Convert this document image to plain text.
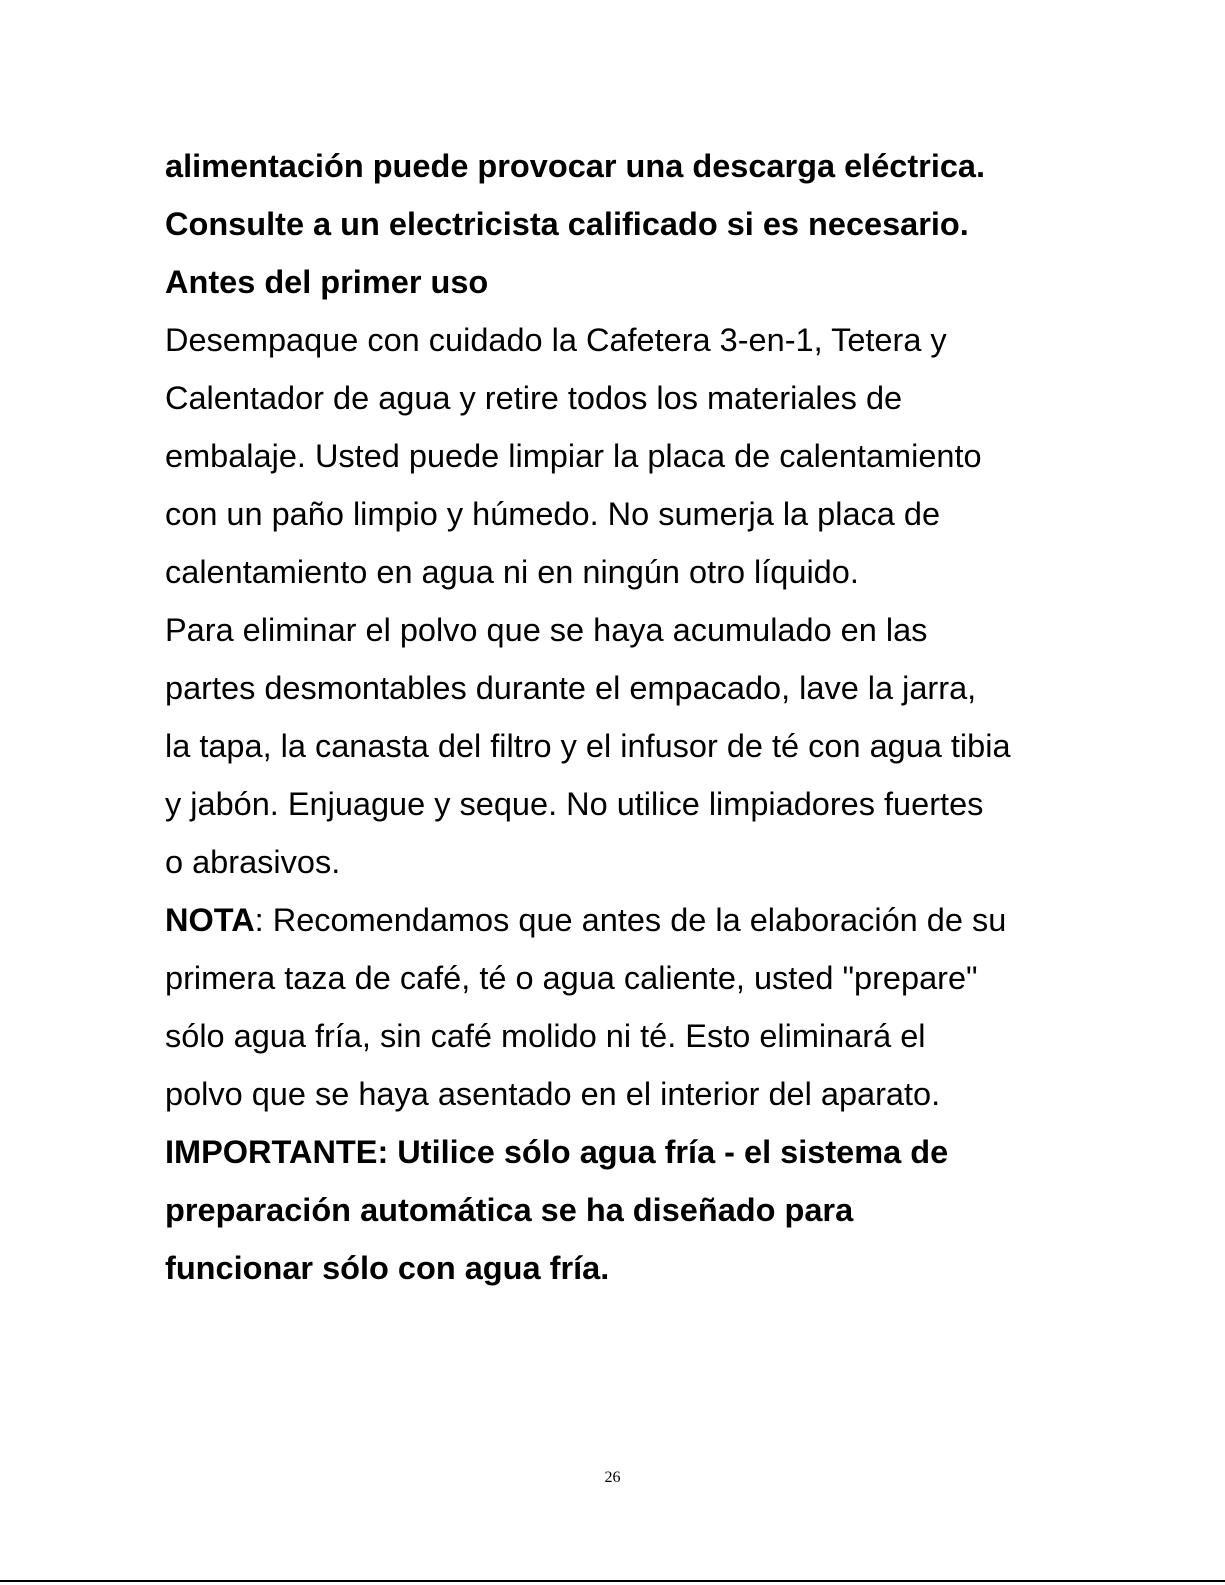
alimentación puede provocar una descarga eléctrica.
Consulte a un electricista calificado si es necesario.
Antes del primer uso
Desempaque con cuidado la Cafetera 3-en-1, Tetera y
Calentador de agua y retire todos los materiales de
embalaje. Usted puede limpiar la placa de calentamiento
con un paño limpio y húmedo. No sumerja la placa de
calentamiento en agua ni en ningún otro líquido.
Para eliminar el polvo que se haya acumulado en las
partes desmontables durante el empacado, lave la jarra,
la tapa, la canasta del filtro y el infusor de té con agua tibia
y jabón. Enjuague y seque. No utilice limpiadores fuertes
o abrasivos.
NOTA: Recomendamos que antes de la elaboración de su
primera taza de café, té o agua caliente, usted "prepare"
sólo agua fría, sin café molido ni té. Esto eliminará el
polvo que se haya asentado en el interior del aparato.
IMPORTANTE: Utilice sólo agua fría - el sistema de
preparación automática se ha diseñado para
funcionar sólo con agua fría.
26
